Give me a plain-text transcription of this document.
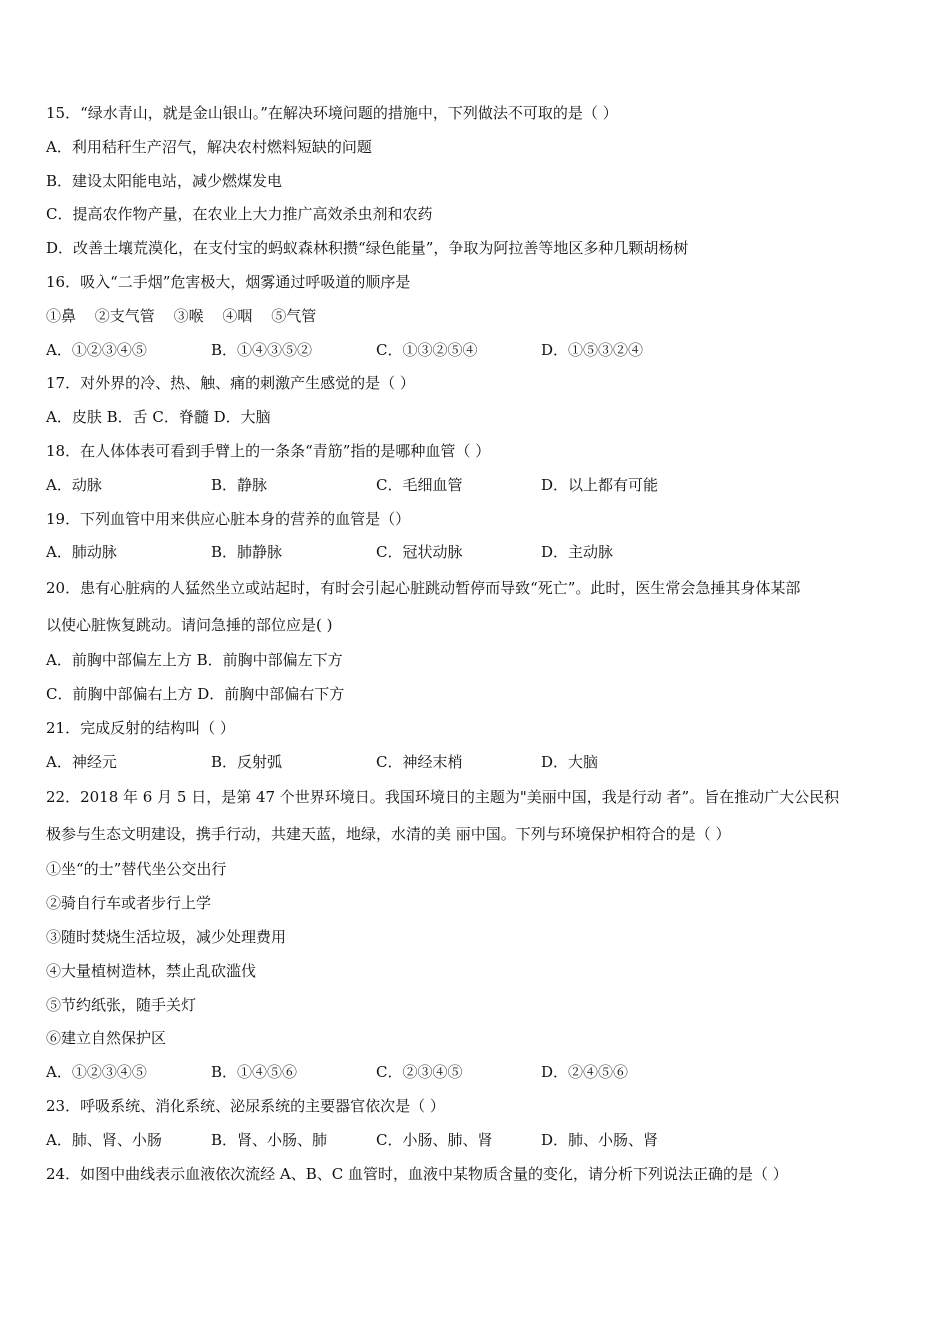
15．“绿水青山，就是金山银山。”在解决环境问题的措施中，下列做法不可取的是（ ）
A．利用秸秆生产沼气，解决农村燃料短缺的问题
B．建设太阳能电站，减少燃煤发电
C．提高农作物产量，在农业上大力推广高效杀虫剂和农药
D．改善土壤荒漠化，在支付宝的蚂蚁森林积攒“绿色能量”，争取为阿拉善等地区多种几颗胡杨树
16．吸入“二手烟”危害极大，烟雾通过呼吸道的顺序是
①鼻 ②支气管 ③喉 ④咽 ⑤气管
A．①②③④⑤	B．①④③⑤②	C．①③②⑤④	D．①⑤③②④
17．对外界的冷、热、触、痛的刺激产生感觉的是（ ）
A．皮肤 B．舌 C．脊髓 D．大脑
18．在人体体表可看到手臂上的一条条“青筋”指的是哪种血管（ ）
A．动脉	B．静脉	C．毛细血管	D．以上都有可能
19．下列血管中用来供应心脏本身的营养的血管是（）
A．肺动脉	B．肺静脉	C．冠状动脉	D．主动脉
20．患有心脏病的人猛然坐立或站起时，有时会引起心脏跳动暂停而导致“死亡”。此时，医生常会急捶其身体某部
以使心脏恢复跳动。请问急捶的部位应是( )
A．前胸中部偏左上方 B．前胸中部偏左下方
C．前胸中部偏右上方 D．前胸中部偏右下方
21．完成反射的结构叫（ ）
A．神经元	B．反射弧	C．神经末梢	D．大脑
22．2018 年 6 月 5 日，是第 47 个世界环境日。我国环境日的主题为"美丽中国，我是行动 者”。旨在推动广大公民积
极参与生态文明建设，携手行动，共建天蓝，地绿，水清的美 丽中国。下列与环境保护相符合的是（ ）
①坐“的士”替代坐公交出行
②骑自行车或者步行上学
③随时焚烧生活垃圾，减少处理费用
④大量植树造林，禁止乱砍滥伐
⑤节约纸张，随手关灯
⑥建立自然保护区
A．①②③④⑤	B．①④⑤⑥	C．②③④⑤	D．②④⑤⑥
23．呼吸系统、消化系统、泌尿系统的主要器官依次是（ ）
A．肺、肾、小肠	B．肾、小肠、肺	C．小肠、肺、肾	D．肺、小肠、肾
24．如图中曲线表示血液依次流经 A、B、C 血管时，血液中某物质含量的变化，请分析下列说法正确的是（ ）
